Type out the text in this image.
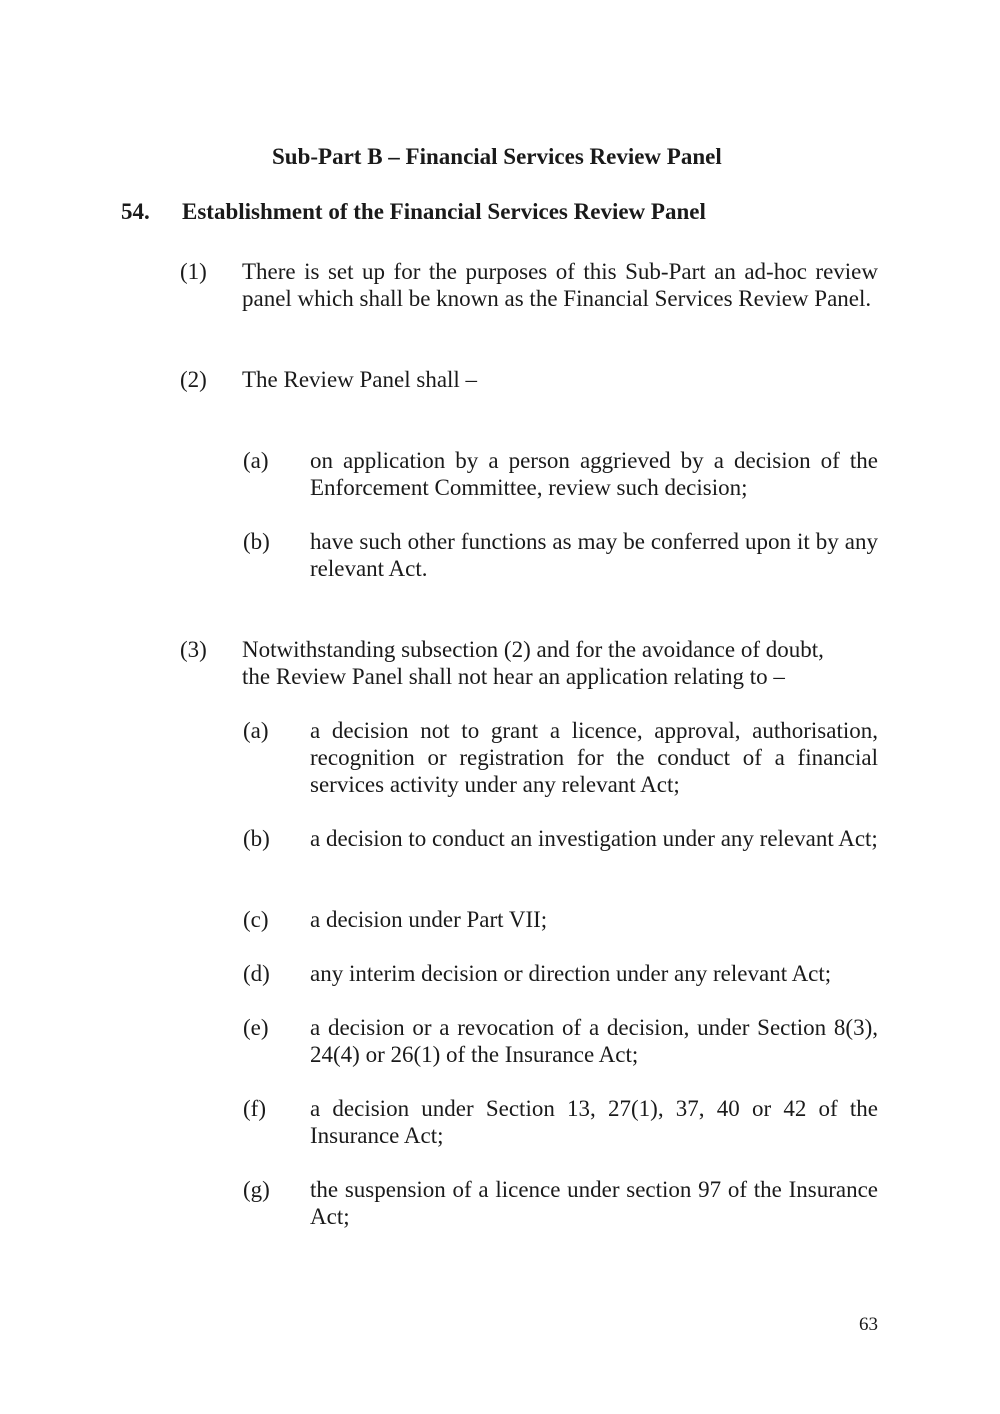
Sub-Part B – Financial Services Review Panel
54. Establishment of the Financial Services Review Panel
(1) There is set up for the purposes of this Sub-Part an ad-hoc review panel which shall be known as the Financial Services Review Panel.
(2) The Review Panel shall –
(a) on application by a person aggrieved by a decision of the Enforcement Committee, review such decision;
(b) have such other functions as may be conferred upon it by any relevant Act.
(3) Notwithstanding subsection (2) and for the avoidance of doubt,
the Review Panel shall not hear an application relating to –
(a) a decision not to grant a licence, approval, authorisation, recognition or registration for the conduct of a financial services activity under any relevant Act;
(b) a decision to conduct an investigation under any relevant Act;
(c) a decision under Part VII;
(d) any interim decision or direction under any relevant Act;
(e) a decision or a revocation of a decision, under Section 8(3), 24(4) or 26(1) of the Insurance Act;
(f) a decision under Section 13, 27(1), 37, 40 or 42 of the Insurance Act;
(g) the suspension of a licence under section 97 of the Insurance Act;
63
